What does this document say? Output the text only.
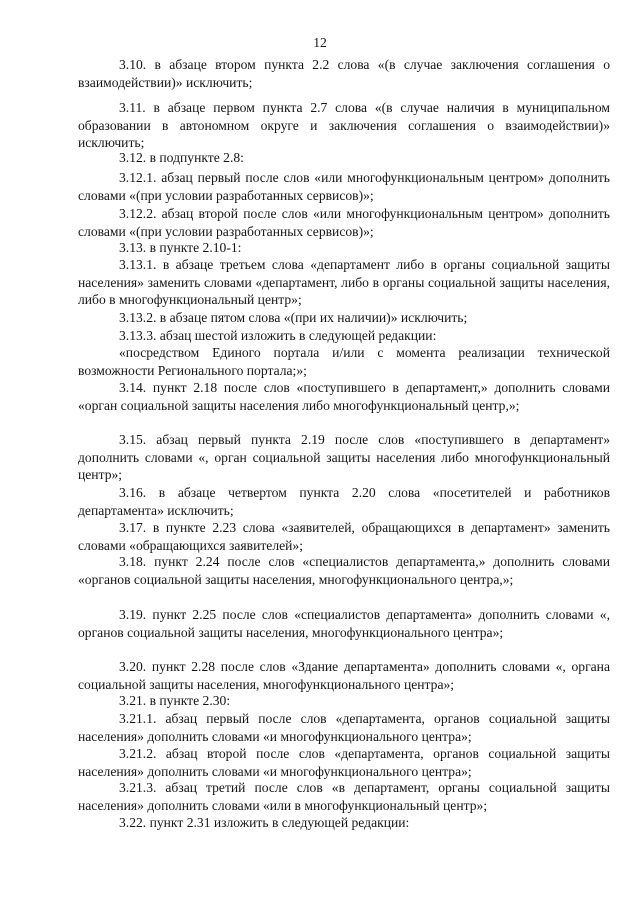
12

3.10. в абзаце втором пункта 2.2 слова «(в случае заключения соглашения о взаимодействии)» исключить;

3.11. в абзаце первом пункта 2.7 слова «(в случае наличия в муниципальном образовании в автономном округе и заключения соглашения о взаимодействии)» исключить;

3.12. в подпункте 2.8:

3.12.1. абзац первый после слов «или многофункциональным центром» дополнить словами «(при условии разработанных сервисов)»;

3.12.2. абзац второй после слов «или многофункциональным центром» дополнить словами «(при условии разработанных сервисов)»;

3.13. в пункте 2.10-1:

3.13.1. в абзаце третьем слова «департамент либо в органы социальной защиты населения» заменить словами «департамент, либо в органы социальной защиты населения, либо в многофункциональный центр»;

3.13.2. в абзаце пятом слова «(при их наличии)» исключить;

3.13.3. абзац шестой изложить в следующей редакции:

«посредством Единого портала и/или с момента реализации технической возможности Регионального портала;»;

3.14. пункт 2.18 после слов «поступившего в департамент,» дополнить словами «орган социальной защиты населения либо многофункциональный центр,»;

3.15. абзац первый пункта 2.19 после слов «поступившего в департамент» дополнить словами «, орган социальной защиты населения либо многофункциональный центр»;

3.16. в абзаце четвертом пункта 2.20 слова «посетителей и работников департамента» исключить;

3.17. в пункте 2.23 слова «заявителей, обращающихся в департамент» заменить словами «обращающихся заявителей»;

3.18. пункт 2.24 после слов «специалистов департамента,» дополнить словами «органов социальной защиты населения, многофункционального центра,»;

3.19. пункт 2.25 после слов «специалистов департамента» дополнить словами «, органов социальной защиты населения, многофункционального центра»;

3.20. пункт 2.28 после слов «Здание департамента» дополнить словами «, органа социальной защиты населения, многофункционального центра»;

3.21. в пункте 2.30:

3.21.1. абзац первый после слов «департамента, органов социальной защиты населения» дополнить словами «и многофункционального центра»;

3.21.2. абзац второй после слов «департамента, органов социальной защиты населения» дополнить словами «и многофункционального центра»;

3.21.3. абзац третий после слов «в департамент, органы социальной защиты населения» дополнить словами «или в многофункциональный центр»;

3.22. пункт 2.31 изложить в следующей редакции:
